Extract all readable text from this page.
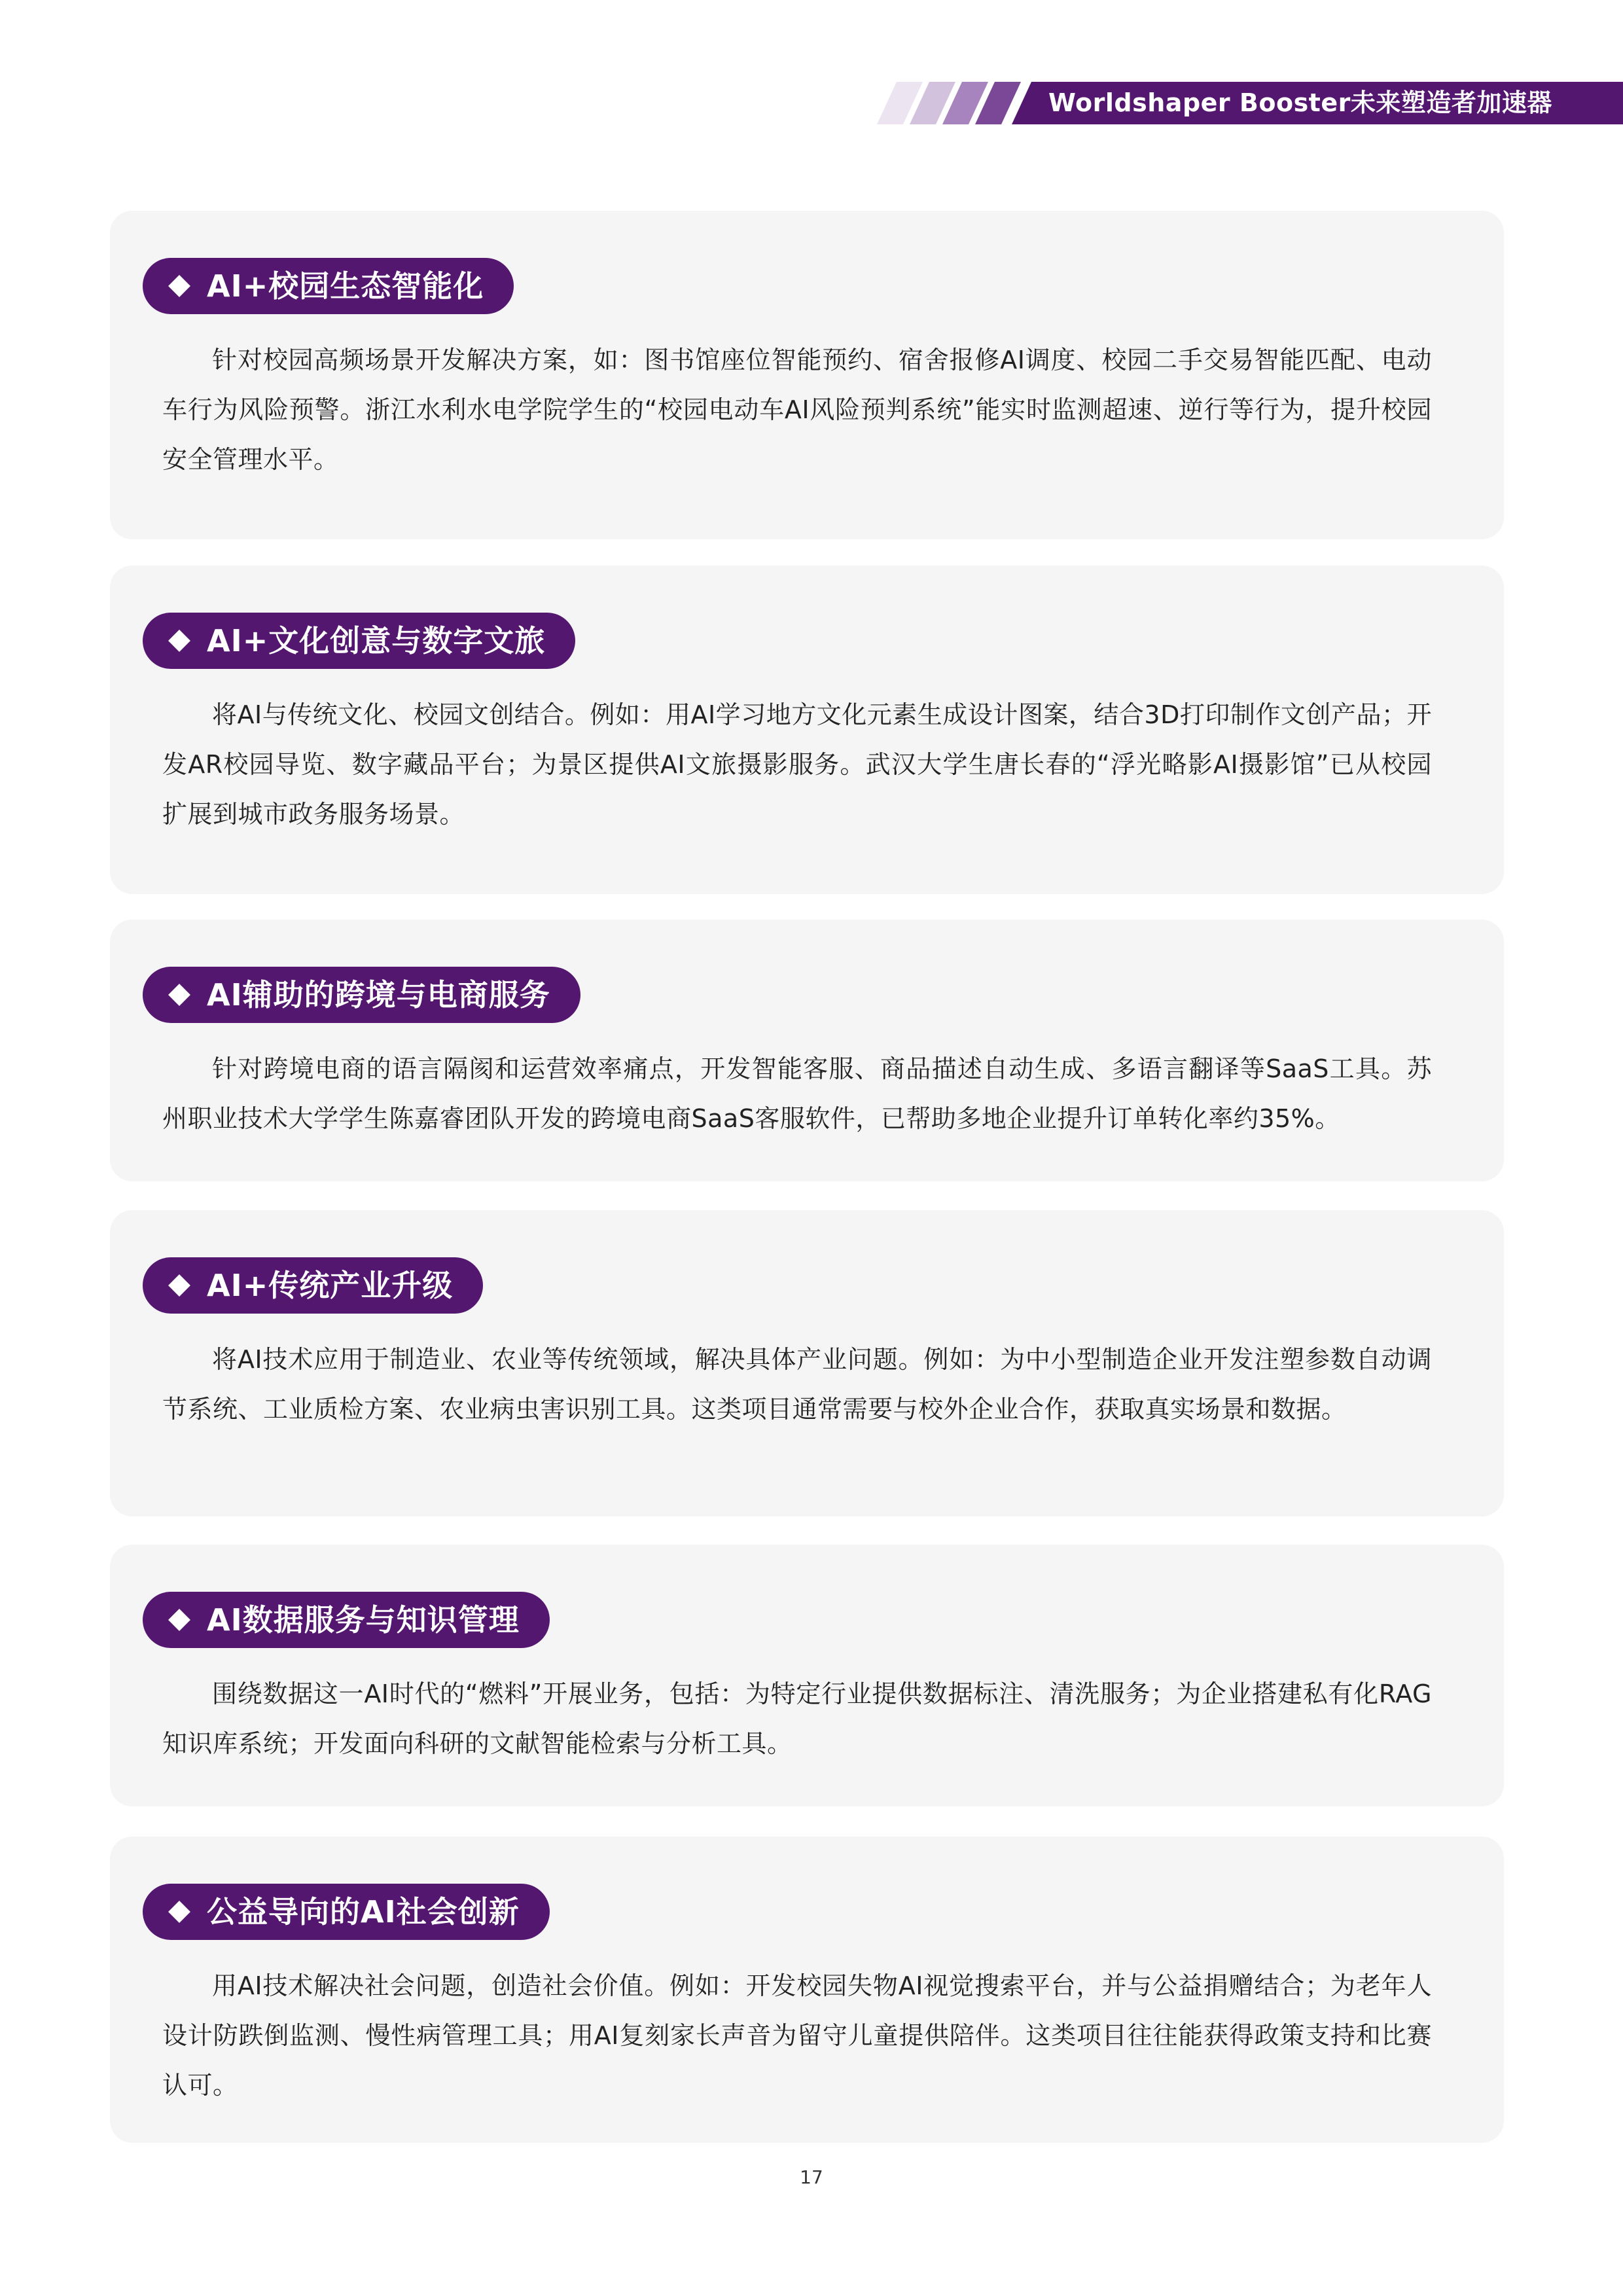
Worldshaper Booster未来塑造者加速器
AI+校园生态智能化

针对校园高频场景开发解决方案，如：图书馆座位智能预约、宿舍报修AI调度、校园二手交易智能匹配、电动车行为风险预警。浙江水利水电学院学生的“校园电动车AI风险预判系统”能实时监测超速、逆行等行为，提升校园安全管理水平。

AI+文化创意与数字文旅

将AI与传统文化、校园文创结合。例如：用AI学习地方文化元素生成设计图案，结合3D打印制作文创产品；开发AR校园导览、数字藏品平台；为景区提供AI文旅摄影服务。武汉大学生唐长春的“浮光略影AI摄影馆”已从校园扩展到城市政务服务场景。

AI辅助的跨境与电商服务

针对跨境电商的语言隔阂和运营效率痛点，开发智能客服、商品描述自动生成、多语言翻译等SaaS工具。苏州职业技术大学学生陈嘉睿团队开发的跨境电商SaaS客服软件，已帮助多地企业提升订单转化率约35%。

AI+传统产业升级

将AI技术应用于制造业、农业等传统领域，解决具体产业问题。例如：为中小型制造企业开发注塑参数自动调节系统、工业质检方案、农业病虫害识别工具。这类项目通常需要与校外企业合作，获取真实场景和数据。

AI数据服务与知识管理

围绕数据这一AI时代的“燃料”开展业务，包括：为特定行业提供数据标注、清洗服务；为企业搭建私有化RAG知识库系统；开发面向科研的文献智能检索与分析工具。

公益导向的AI社会创新

用AI技术解决社会问题，创造社会价值。例如：开发校园失物AI视觉搜索平台，并与公益捐赠结合；为老年人设计防跌倒监测、慢性病管理工具；用AI复刻家长声音为留守儿童提供陪伴。这类项目往往能获得政策支持和比赛认可。

17
